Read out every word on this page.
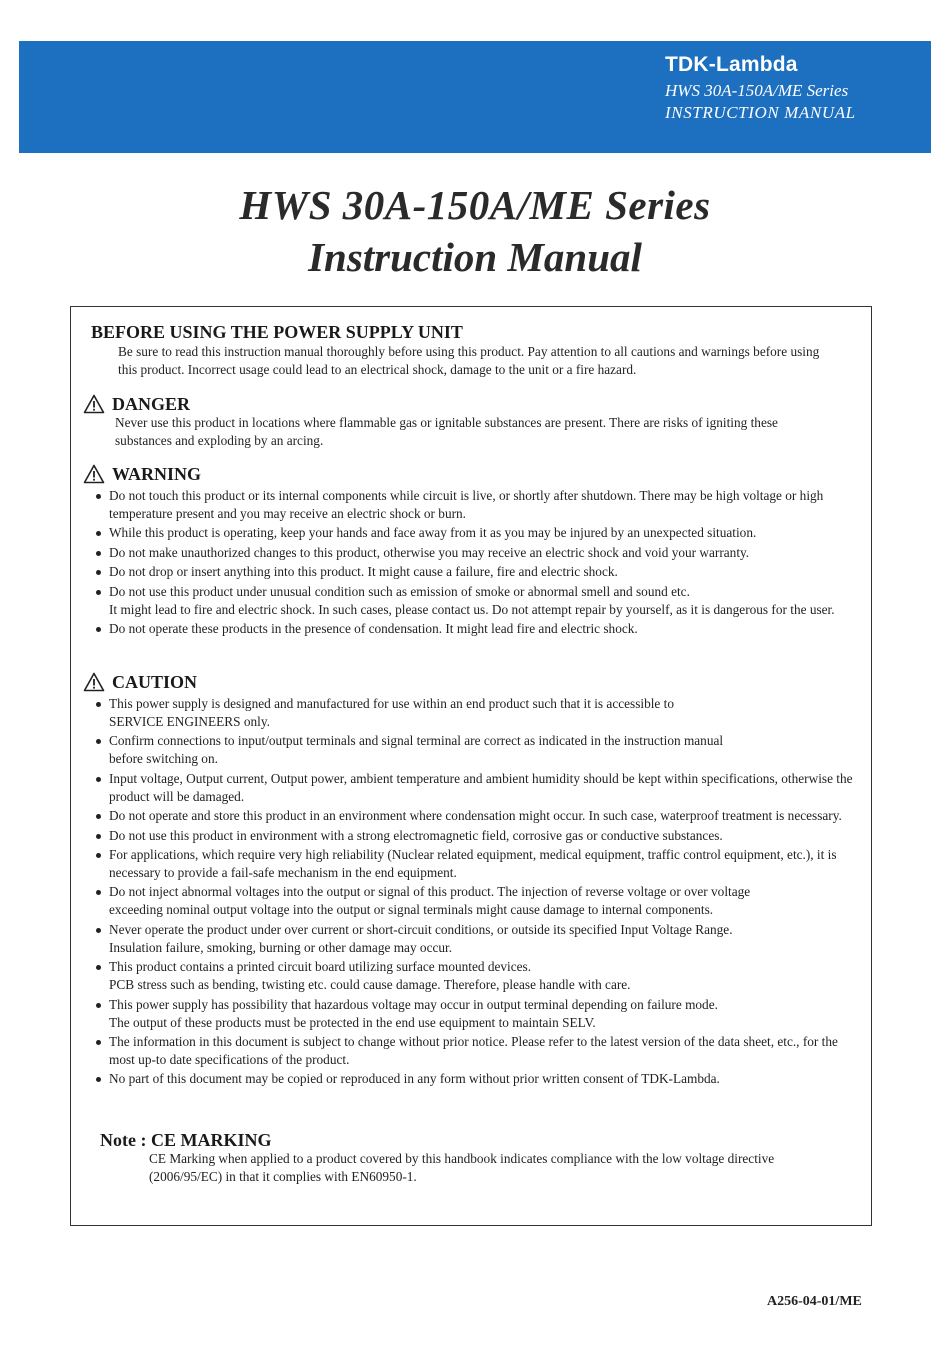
TDK-Lambda
HWS 30A-150A/ME Series
INSTRUCTION MANUAL
HWS 30A-150A/ME Series
Instruction Manual
BEFORE USING THE POWER SUPPLY UNIT
Be sure to read this instruction manual thoroughly before using this product. Pay attention to all cautions and warnings before using this product. Incorrect usage could lead to an electrical shock, damage to the unit or a fire hazard.
DANGER
Never use this product in locations where flammable gas or ignitable substances are present. There are risks of igniting these substances and exploding by an arcing.
WARNING
Do not touch this product or its internal components while circuit is live, or shortly after shutdown. There may be high voltage or high temperature present and you may receive an electric shock or burn.
While this product is operating, keep your hands and face away from it as you may be injured by an unexpected situation.
Do not make unauthorized changes to this product, otherwise you may receive an electric shock and void your warranty.
Do not drop or insert anything into this product. It might cause a failure, fire and electric shock.
Do not use this product under unusual condition such as emission of smoke or abnormal smell and sound etc.
It might lead to fire and electric shock. In such cases, please contact us. Do not attempt repair by yourself, as it is dangerous for the user.
Do not operate these products in the presence of condensation. It might lead fire and electric shock.
CAUTION
This power supply is designed and manufactured for use within an end product such that it is accessible to
SERVICE ENGINEERS only.
Confirm connections to input/output terminals and signal terminal are correct as indicated in the instruction manual
before switching on.
Input voltage, Output current, Output power, ambient temperature and ambient humidity should be kept within specifications, otherwise the product will be damaged.
Do not operate and store this product in an environment where condensation might occur. In such case, waterproof treatment is necessary.
Do not use this product in environment with a strong electromagnetic field, corrosive gas or conductive substances.
For applications, which require very high reliability (Nuclear related equipment, medical equipment, traffic control equipment, etc.), it is necessary to provide a fail-safe mechanism in the end equipment.
Do not inject abnormal voltages into the output or signal of this product. The injection of reverse voltage or over voltage
exceeding nominal output voltage into the output or signal terminals might cause damage to internal components.
Never operate the product under over current or short-circuit conditions, or outside its specified Input Voltage Range.
Insulation failure, smoking, burning or other damage may occur.
This product contains a printed circuit board utilizing surface mounted devices.
PCB stress such as bending, twisting etc. could cause damage. Therefore, please handle with care.
This power supply has possibility that hazardous voltage may occur in output terminal depending on failure mode.
The output of these products must be protected in the end use equipment to maintain SELV.
The information in this document is subject to change without prior notice. Please refer to the latest version of the data sheet, etc., for the most up-to date specifications of the product.
No part of this document may be copied or reproduced in any form without prior written consent of TDK-Lambda.
Note : CE MARKING
CE Marking when applied to a product covered by this handbook indicates compliance with the low voltage directive (2006/95/EC) in that it complies with EN60950-1.
A256-04-01/ME
